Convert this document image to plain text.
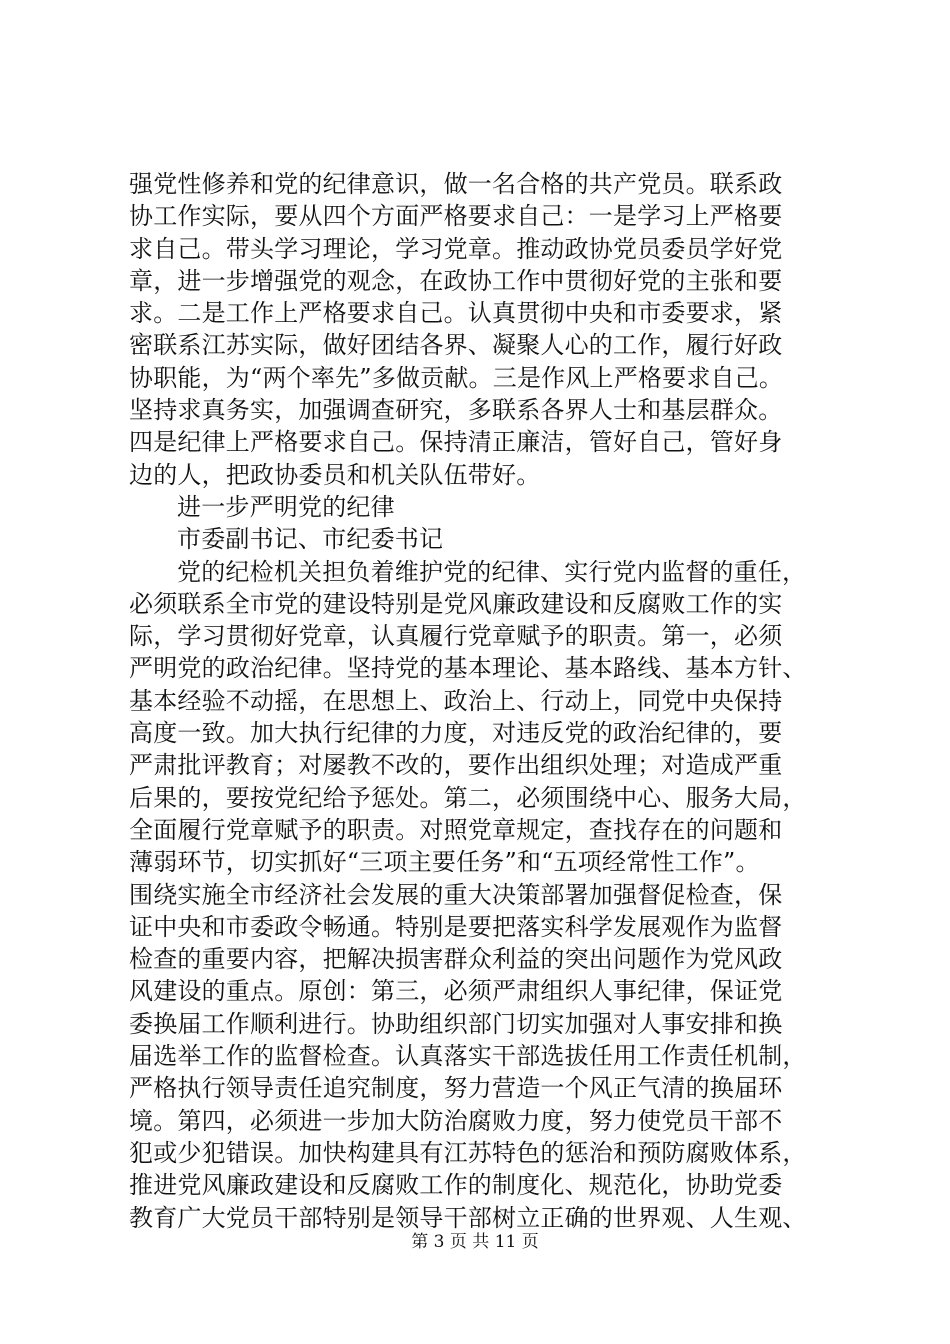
强党性修养和党的纪律意识，做一名合格的共产党员。联系政
协工作实际，要从四个方面严格要求自己：一是学习上严格要
求自己。带头学习理论，学习党章。推动政协党员委员学好党
章，进一步增强党的观念，在政协工作中贯彻好党的主张和要
求。二是工作上严格要求自己。认真贯彻中央和市委要求，紧
密联系江苏实际，做好团结各界、凝聚人心的工作，履行好政
协职能，为“两个率先”多做贡献。三是作风上严格要求自己。
坚持求真务实，加强调查研究，多联系各界人士和基层群众。
四是纪律上严格要求自己。保持清正廉洁，管好自己，管好身
边的人，把政协委员和机关队伍带好。
进一步严明党的纪律
市委副书记、市纪委书记
党的纪检机关担负着维护党的纪律、实行党内监督的重任，
必须联系全市党的建设特别是党风廉政建设和反腐败工作的实
际，学习贯彻好党章，认真履行党章赋予的职责。第一，必须
严明党的政治纪律。坚持党的基本理论、基本路线、基本方针、
基本经验不动摇，在思想上、政治上、行动上，同党中央保持
高度一致。加大执行纪律的力度，对违反党的政治纪律的，要
严肃批评教育；对屡教不改的，要作出组织处理；对造成严重
后果的，要按党纪给予惩处。第二，必须围绕中心、服务大局，
全面履行党章赋予的职责。对照党章规定，查找存在的问题和
薄弱环节，切实抓好“三项主要任务”和“五项经常性工作”。
围绕实施全市经济社会发展的重大决策部署加强督促检查，保
证中央和市委政令畅通。特别是要把落实科学发展观作为监督
检查的重要内容，把解决损害群众利益的突出问题作为党风政
风建设的重点。原创：第三，必须严肃组织人事纪律，保证党
委换届工作顺利进行。协助组织部门切实加强对人事安排和换
届选举工作的监督检查。认真落实干部选拔任用工作责任机制，
严格执行领导责任追究制度，努力营造一个风正气清的换届环
境。第四，必须进一步加大防治腐败力度，努力使党员干部不
犯或少犯错误。加快构建具有江苏特色的惩治和预防腐败体系，
推进党风廉政建设和反腐败工作的制度化、规范化，协助党委
教育广大党员干部特别是领导干部树立正确的世界观、人生观、
第 3 页 共 11 页
